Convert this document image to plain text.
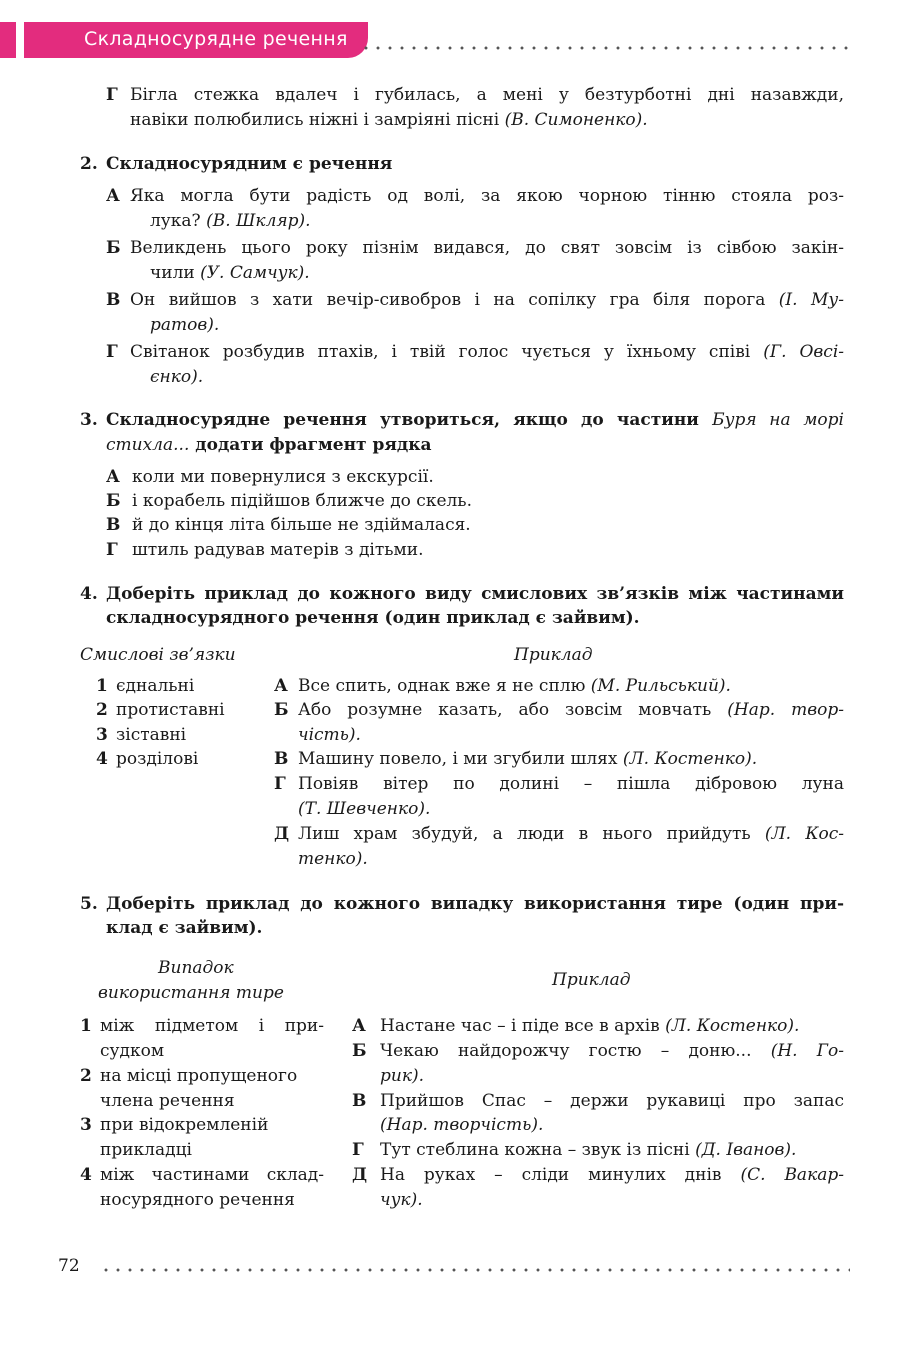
Складносурядне речення
Г Бігла стежка вдалеч і губилась, а мені у безтурботні дні назавжди,
навіки полюбились ніжні і замріяні пісні (В. Симоненко).
2. Складносурядним є речення
А Яка могла бути радість од волі, за якою чорною тінню стояла роз-
лука? (В. Шкляр).
Б Великдень цього року пізнім видався, до свят зовсім із сівбою закін-
чили (У. Самчук).
В Он вийшов з хати вечір-сивобров і на сопілку гра біля порога (І. Му-
ратов).
Г Світанок розбудив птахів, і твій голос чується у їхньому співі (Г. Овсі-
єнко).
3. Складносурядне речення утвориться, якщо до частини Буря на морі
стихла... додати фрагмент рядка
А коли ми повернулися з екскурсії.
Б і корабель підійшов ближче до скель.
В й до кінця літа більше не здіймалася.
Г штиль радував матерів з дітьми.
4. Доберіть приклад до кожного виду смислових зв’язків між частинами
складносурядного речення (один приклад є зайвим).
Смислові зв’язки	Приклад
1 єднальні
2 протиставні
3 зіставні
4 розділові
А Все спить, однак вже я не сплю (М. Рильський).
Б Або розумне казать, або зовсім мовчать (Нар. твор-
чість).
В Машину повело, і ми згубили шлях (Л. Костенко).
Г Повіяв вітер по долині – пішла дібровою луна
(Т. Шевченко).
Д Лиш храм збудуй, а люди в нього прийдуть (Л. Кос-
тенко).
5. Доберіть приклад до кожного випадку використання тире (один при-
клад є зайвим).
Випадок
використання тире
Приклад
1 між підметом і при-
судком
2 на місці пропущеного
члена речення
3 при відокремленій
прикладці
4 між частинами склад-
носурядного речення
А Настане час – і піде все в архів (Л. Костенко).
Б Чекаю найдорожчу гостю – доню... (Н. Го-
рик).
В Прийшов Спас – держи рукавиці про запас
(Нар. творчість).
Г Тут стеблина кожна – звук із пісні (Д. Іванов).
Д На руках – сліди минулих днів (С. Вакар-
чук).
72
